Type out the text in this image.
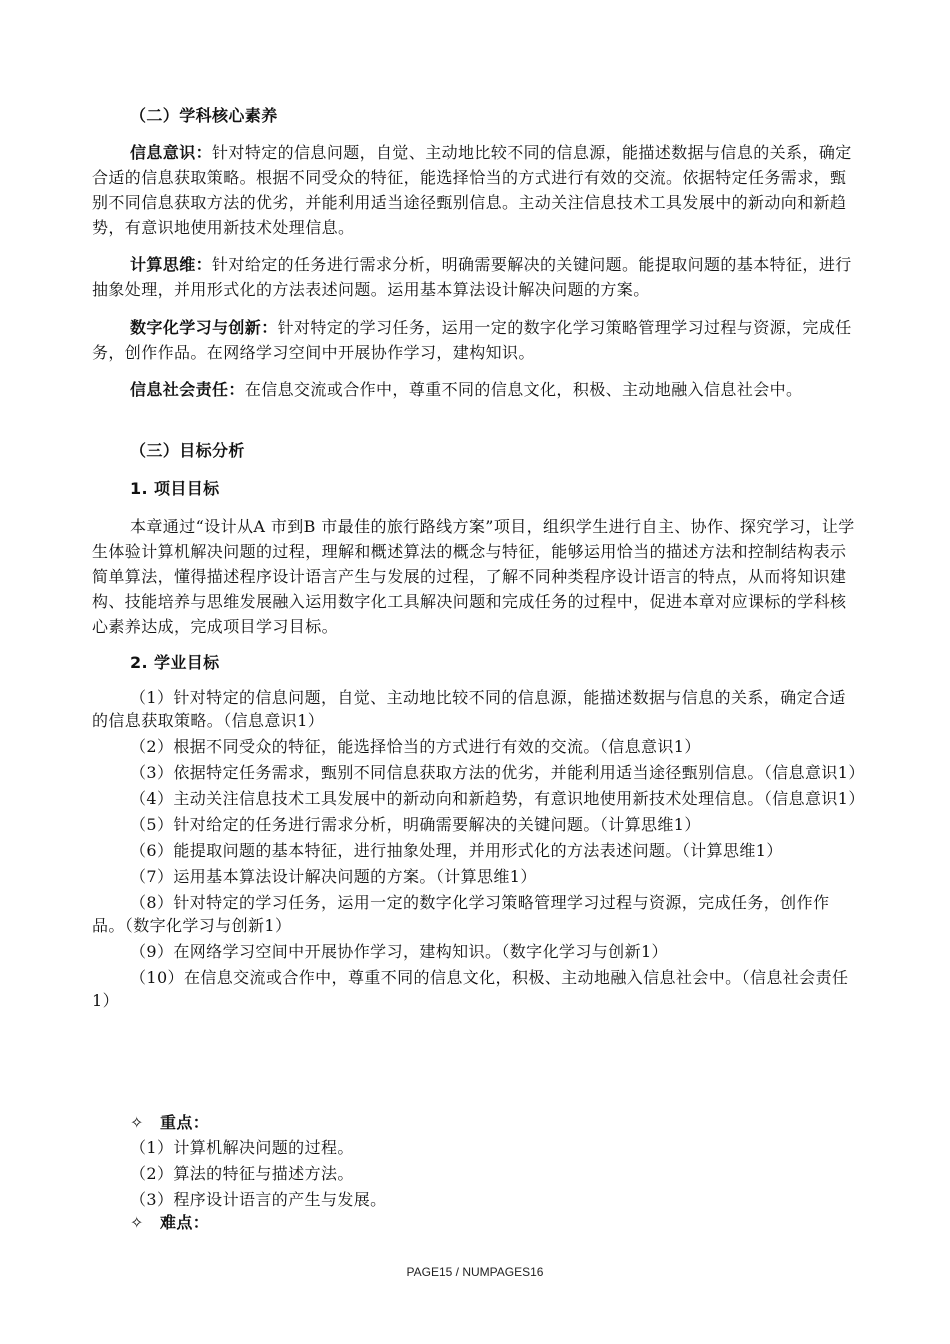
（二）学科核心素养

信息意识：针对特定的信息问题，自觉、主动地比较不同的信息源，能描述数据与信息的关系，确定合适的信息获取策略。根据不同受众的特征，能选择恰当的方式进行有效的交流。依据特定任务需求，甄别不同信息获取方法的优劣，并能利用适当途径甄别信息。主动关注信息技术工具发展中的新动向和新趋势，有意识地使用新技术处理信息。

计算思维：针对给定的任务进行需求分析，明确需要解决的关键问题。能提取问题的基本特征，进行抽象处理，并用形式化的方法表述问题。运用基本算法设计解决问题的方案。

数字化学习与创新：针对特定的学习任务，运用一定的数字化学习策略管理学习过程与资源，完成任务，创作作品。在网络学习空间中开展协作学习，建构知识。

信息社会责任：在信息交流或合作中，尊重不同的信息文化，积极、主动地融入信息社会中。

（三）目标分析
1. 项目目标

本章通过“设计从A 市到B 市最佳的旅行路线方案”项目，组织学生进行自主、协作、探究学习，让学生体验计算机解决问题的过程，理解和概述算法的概念与特征，能够运用恰当的描述方法和控制结构表示简单算法，懂得描述程序设计语言产生与发展的过程，了解不同种类程序设计语言的特点，从而将知识建构、技能培养与思维发展融入运用数字化工具解决问题和完成任务的过程中，促进本章对应课标的学科核心素养达成，完成项目学习目标。

2. 学业目标

（1）针对特定的信息问题，自觉、主动地比较不同的信息源，能描述数据与信息的关系，确定合适的信息获取策略。（信息意识1）

（2）根据不同受众的特征，能选择恰当的方式进行有效的交流。（信息意识1）

（3）依据特定任务需求，甄别不同信息获取方法的优劣，并能利用适当途径甄别信息。（信息意识1）

（4）主动关注信息技术工具发展中的新动向和新趋势，有意识地使用新技术处理信息。（信息意识1）

（5）针对给定的任务进行需求分析，明确需要解决的关键问题。（计算思维1）

（6）能提取问题的基本特征，进行抽象处理，并用形式化的方法表述问题。（计算思维1）

（7）运用基本算法设计解决问题的方案。（计算思维1）

（8）针对特定的学习任务，运用一定的数字化学习策略管理学习过程与资源，完成任务，创作作品。（数字化学习与创新1）

（9）在网络学习空间中开展协作学习，建构知识。（数字化学习与创新1）

（10）在信息交流或合作中，尊重不同的信息文化，积极、主动地融入信息社会中。（信息社会责任1）

✧ 重点：
（1）计算机解决问题的过程。
（2）算法的特征与描述方法。
（3）程序设计语言的产生与发展。
✧ 难点：
PAGE15 / NUMPAGES16
